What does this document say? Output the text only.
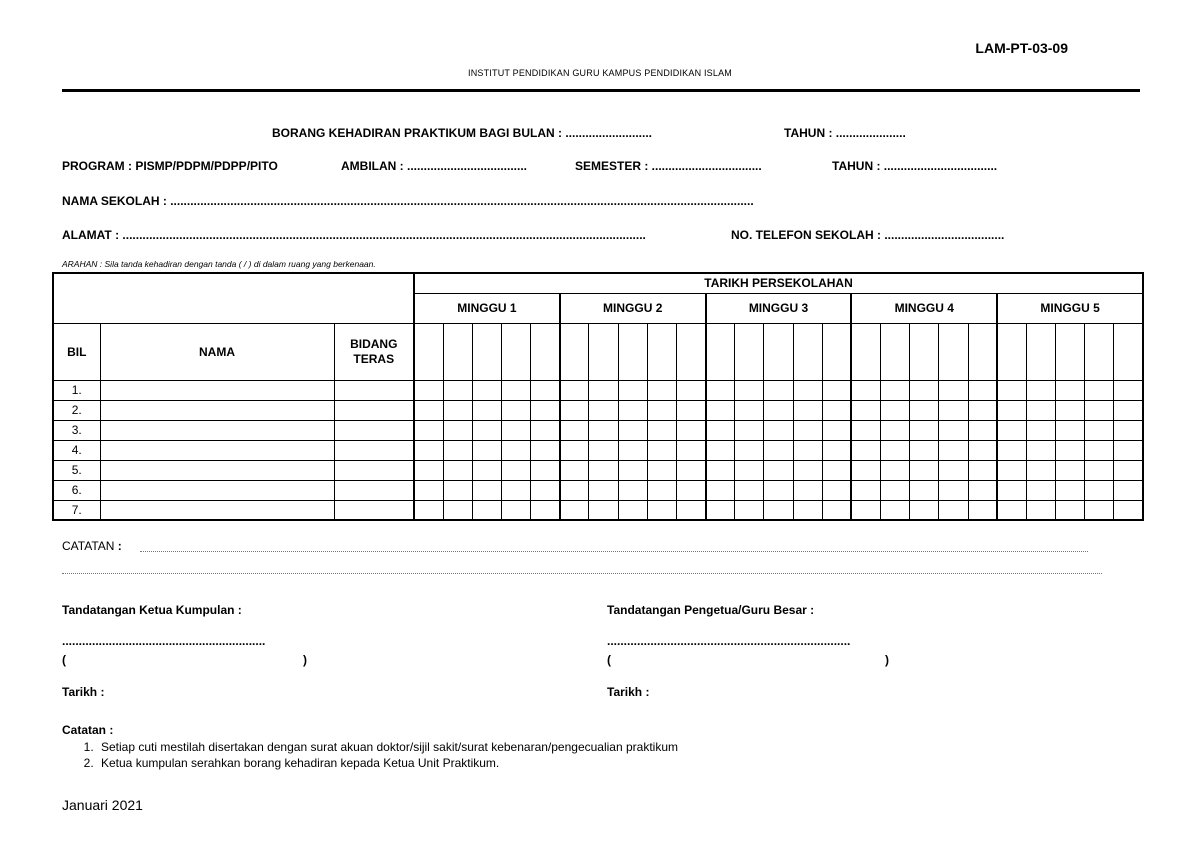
LAM-PT-03-09
INSTITUT PENDIDIKAN GURU KAMPUS PENDIDIKAN ISLAM
BORANG KEHADIRAN PRAKTIKUM BAGI BULAN : ..........................	TAHUN : .....................
PROGRAM : PISMP/PDPM/PDPP/PITO	AMBILAN : ....................................	SEMESTER : .................................	TAHUN : ..................................
NAMA SEKOLAH : ...............................................................................................................................................................................
ALAMAT : .............................................................................................................................................................	NO. TELEFON SEKOLAH : ....................................
ARAHAN : Sila tanda kehadiran dengan tanda ( / ) di dalam ruang yang berkenaan.
			TARIKH PERSEKOLAHAN																								
			MINGGU 1					MINGGU 2					MINGGU 3					MINGGU 4					MINGGU 5				
BIL	NAMA	BIDANG TERAS																									
1.																											
2.																											
3.																											
4.																											
5.																											
6.																											
7.																											
CATATAN :
Tandatangan Ketua Kumpulan :
.............................................................
(	)
Tarikh :
Tandatangan Pengetua/Guru Besar :
.........................................................................
(	)
Tarikh :
Catatan :
1. Setiap cuti mestilah disertakan dengan surat akuan doktor/sijil sakit/surat kebenaran/pengecualian praktikum
2. Ketua kumpulan serahkan borang kehadiran kepada Ketua Unit Praktikum.
Januari 2021
